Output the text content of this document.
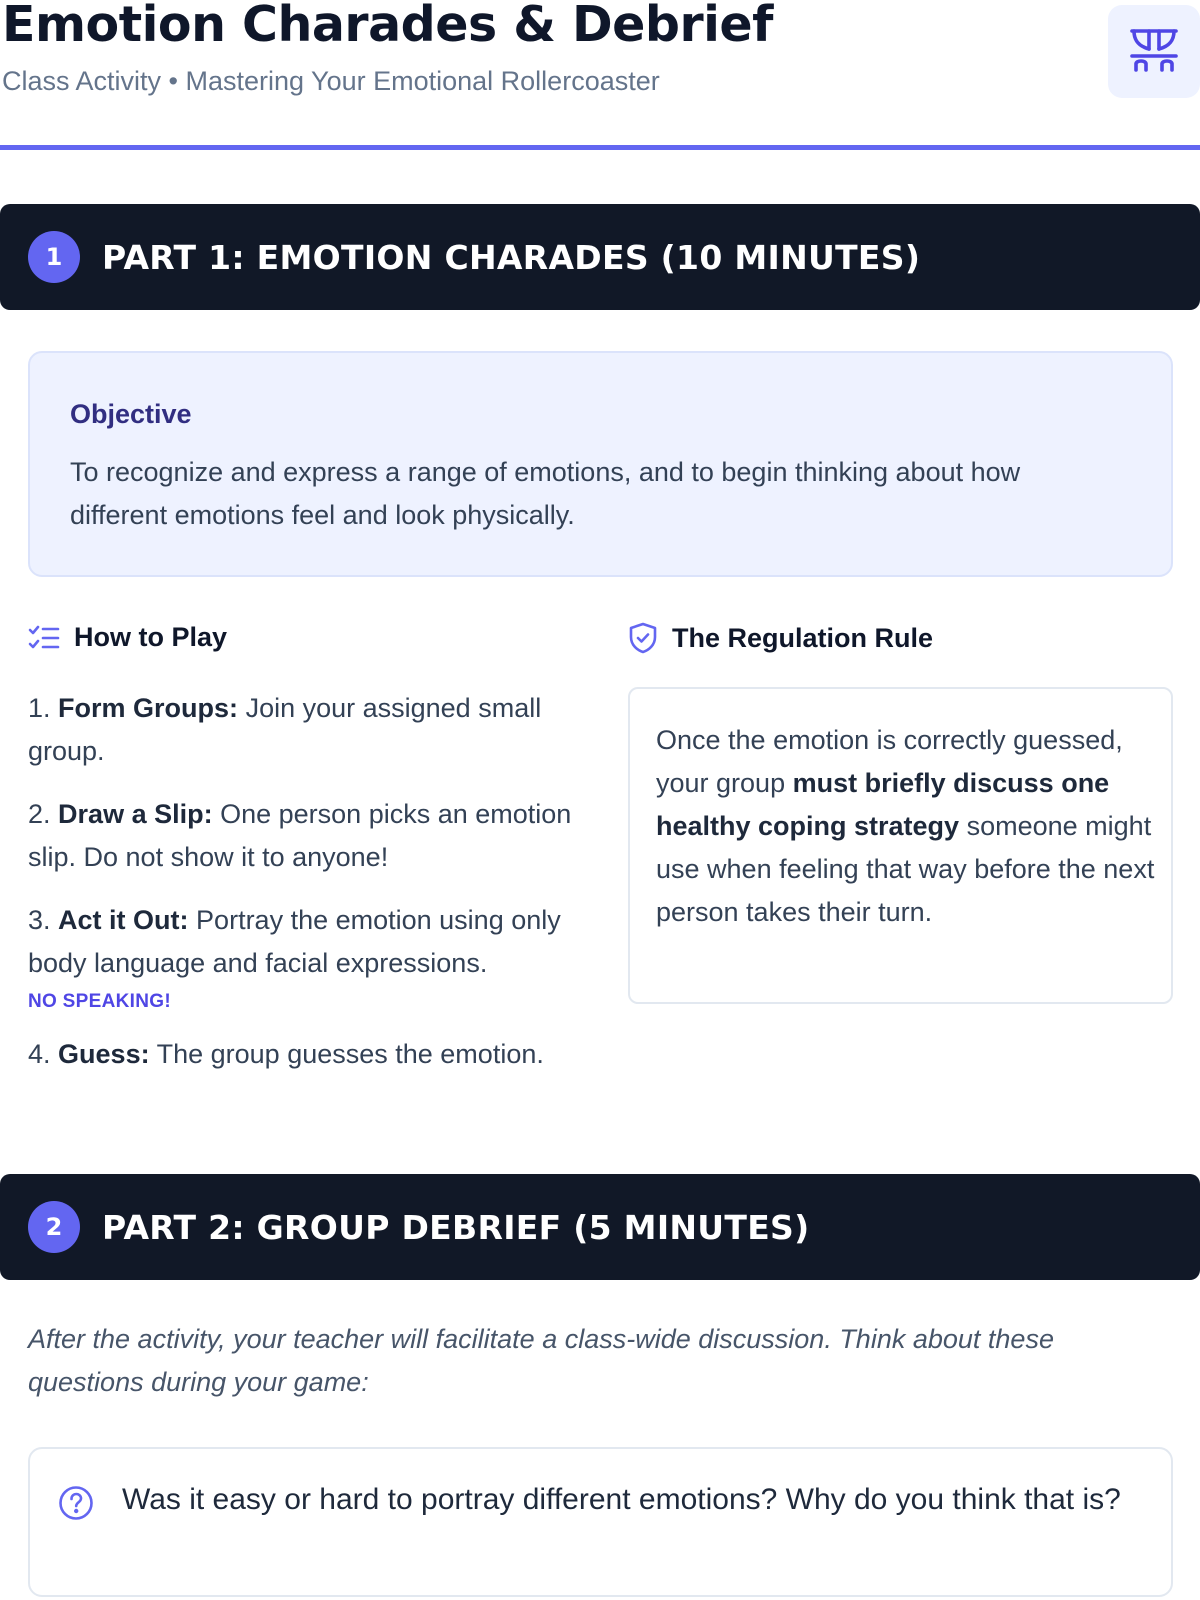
Emotion Charades & Debrief
Class Activity • Mastering Your Emotional Rollercoaster
1	PART 1: EMOTION CHARADES (10 MINUTES)
Objective
To recognize and express a range of emotions, and to begin thinking about how different emotions feel and look physically.
How to Play
1. Form Groups: Join your assigned small group.
2. Draw a Slip: One person picks an emotion slip. Do not show it to anyone!
3. Act it Out: Portray the emotion using only body language and facial expressions.
NO SPEAKING!
4. Guess: The group guesses the emotion.
The Regulation Rule
Once the emotion is correctly guessed, your group must briefly discuss one healthy coping strategy someone might use when feeling that way before the next person takes their turn.
2	PART 2: GROUP DEBRIEF (5 MINUTES)
After the activity, your teacher will facilitate a class-wide discussion. Think about these questions during your game:
Was it easy or hard to portray different emotions? Why do you think that is?
